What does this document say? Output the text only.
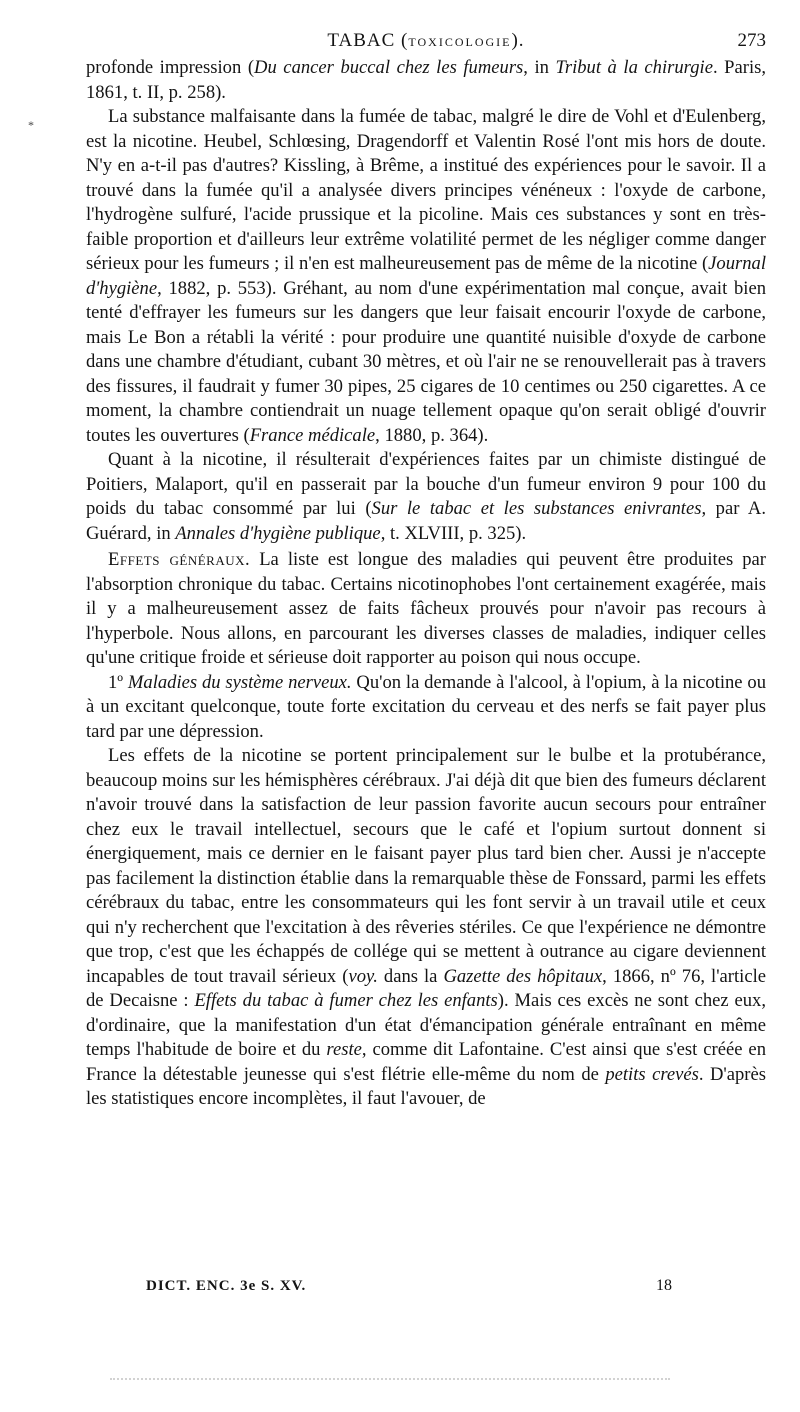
*
TABAC (toxicologie).	273

profonde impression (Du cancer buccal chez les fumeurs, in Tribut à la chirurgie. Paris, 1861, t. II, p. 258).

La substance malfaisante dans la fumée de tabac, malgré le dire de Vohl et d'Eulenberg, est la nicotine. Heubel, Schlœsing, Dragendorff et Valentin Rosé l'ont mis hors de doute. N'y en a-t-il pas d'autres? Kissling, à Brême, a institué des expériences pour le savoir. Il a trouvé dans la fumée qu'il a analysée divers principes vénéneux : l'oxyde de carbone, l'hydrogène sulfuré, l'acide prussique et la picoline. Mais ces substances y sont en très-faible proportion et d'ailleurs leur extrême volatilité permet de les négliger comme danger sérieux pour les fumeurs ; il n'en est malheureusement pas de même de la nicotine (Journal d'hygiène, 1882, p. 553). Gréhant, au nom d'une expérimentation mal conçue, avait bien tenté d'effrayer les fumeurs sur les dangers que leur faisait encourir l'oxyde de carbone, mais Le Bon a rétabli la vérité : pour produire une quantité nuisible d'oxyde de carbone dans une chambre d'étudiant, cubant 30 mètres, et où l'air ne se renouvellerait pas à travers des fissures, il faudrait y fumer 30 pipes, 25 cigares de 10 centimes ou 250 cigarettes. A ce moment, la chambre contiendrait un nuage tellement opaque qu'on serait obligé d'ouvrir toutes les ouvertures (France médicale, 1880, p. 364).

Quant à la nicotine, il résulterait d'expériences faites par un chimiste distingué de Poitiers, Malaport, qu'il en passerait par la bouche d'un fumeur environ 9 pour 100 du poids du tabac consommé par lui (Sur le tabac et les substances enivrantes, par A. Guérard, in Annales d'hygiène publique, t. XLVIII, p. 325).

Effets généraux. La liste est longue des maladies qui peuvent être produites par l'absorption chronique du tabac. Certains nicotinophobes l'ont certainement exagérée, mais il y a malheureusement assez de faits fâcheux prouvés pour n'avoir pas recours à l'hyperbole. Nous allons, en parcourant les diverses classes de maladies, indiquer celles qu'une critique froide et sérieuse doit rapporter au poison qui nous occupe.

1º Maladies du système nerveux. Qu'on la demande à l'alcool, à l'opium, à la nicotine ou à un excitant quelconque, toute forte excitation du cerveau et des nerfs se fait payer plus tard par une dépression.

Les effets de la nicotine se portent principalement sur le bulbe et la protubérance, beaucoup moins sur les hémisphères cérébraux. J'ai déjà dit que bien des fumeurs déclarent n'avoir trouvé dans la satisfaction de leur passion favorite aucun secours pour entraîner chez eux le travail intellectuel, secours que le café et l'opium surtout donnent si énergiquement, mais ce dernier en le faisant payer plus tard bien cher. Aussi je n'accepte pas facilement la distinction établie dans la remarquable thèse de Fonssard, parmi les effets cérébraux du tabac, entre les consommateurs qui les font servir à un travail utile et ceux qui n'y recherchent que l'excitation à des rêveries stériles. Ce que l'expérience ne démontre que trop, c'est que les échappés de collége qui se mettent à outrance au cigare deviennent incapables de tout travail sérieux (voy. dans la Gazette des hôpitaux, 1866, nº 76, l'article de Decaisne : Effets du tabac à fumer chez les enfants). Mais ces excès ne sont chez eux, d'ordinaire, que la manifestation d'un état d'émancipation générale entraînant en même temps l'habitude de boire et du reste, comme dit Lafontaine. C'est ainsi que s'est créée en France la détestable jeunesse qui s'est flétrie elle-même du nom de petits crevés. D'après les statistiques encore incomplètes, il faut l'avouer, de

DICT. ENC. 3e S. XV.	18
